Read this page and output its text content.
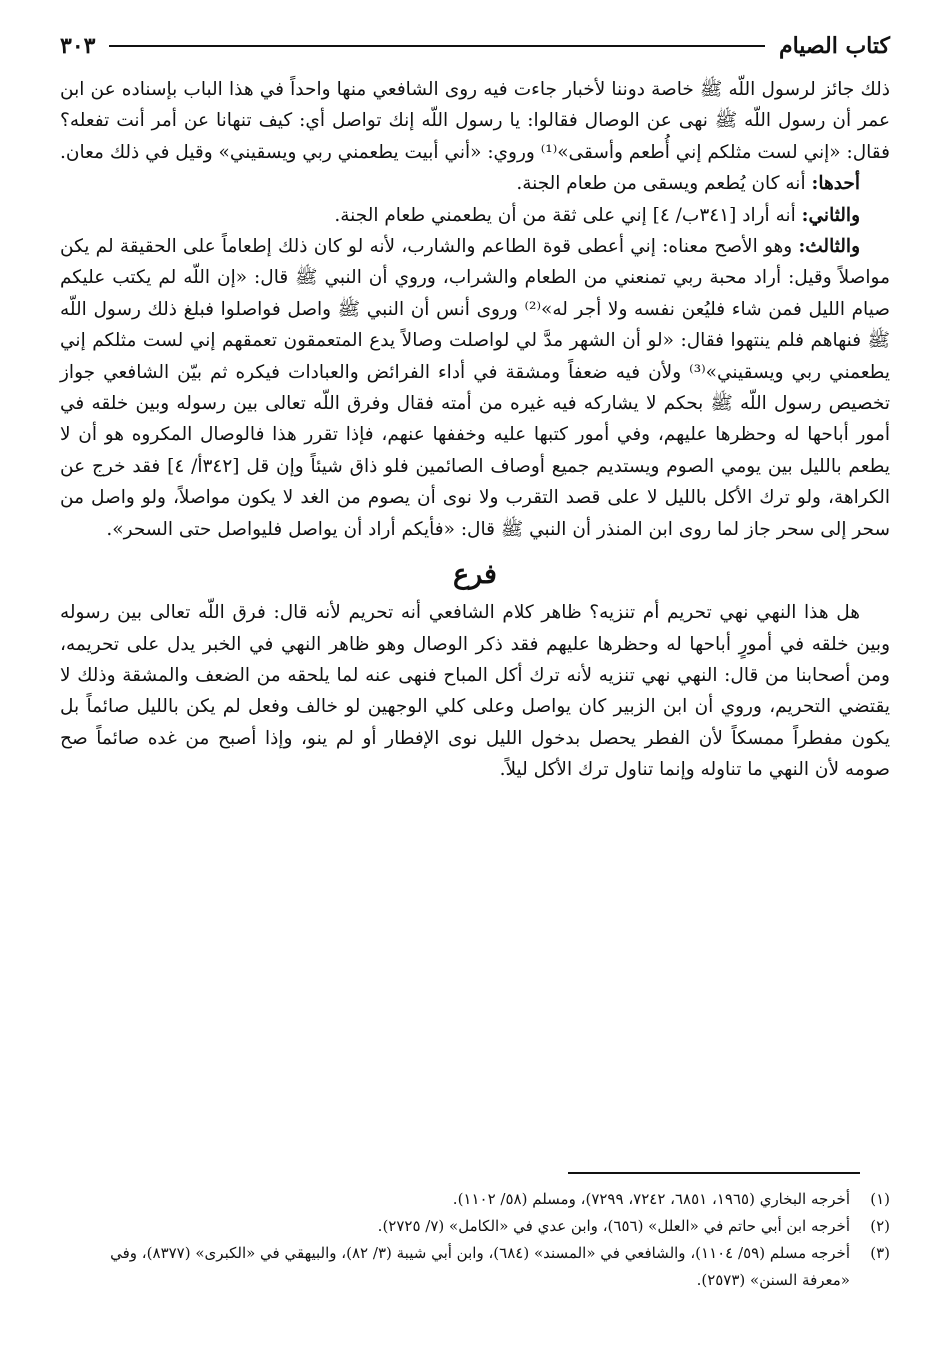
كتاب الصيام
٣٠٣

ذلك جائز لرسول اللّه ﷺ خاصة دوننا لأخبار جاءت فيه روى الشافعي منها واحداً في هذا الباب بإسناده عن ابن عمر أن رسول اللّه ﷺ نهى عن الوصال فقالوا: يا رسول اللّه إنك تواصل أي: كيف تنهانا عن أمر أنت تفعله؟ فقال: «إني لست مثلكم إني أُطعم وأسقى»⁽¹⁾ وروي: «أني أبيت يطعمني ربي ويسقيني» وقيل في ذلك معان.

أحدها: أنه كان يُطعم ويسقى من طعام الجنة.

والثاني: أنه أراد [٣٤١ب/ ٤] إني على ثقة من أن يطعمني طعام الجنة.

والثالث: وهو الأصح معناه: إني أعطى قوة الطاعم والشارب، لأنه لو كان ذلك إطعاماً على الحقيقة لم يكن مواصلاً وقيل: أراد محبة ربي تمنعني من الطعام والشراب، وروي أن النبي ﷺ قال: «إن اللّه لم يكتب عليكم صيام الليل فمن شاء فليُعن نفسه ولا أجر له»⁽²⁾ وروى أنس أن النبي ﷺ واصل فواصلوا فبلغ ذلك رسول اللّه ﷺ فنهاهم فلم ينتهوا فقال: «لو أن الشهر مدَّ لي لواصلت وصالاً يدع المتعمقون تعمقهم إني لست مثلكم إني يطعمني ربي ويسقيني»⁽³⁾ ولأن فيه ضعفاً ومشقة في أداء الفرائض والعبادات فيكره ثم بيّن الشافعي جواز تخصيص رسول اللّه ﷺ بحكم لا يشاركه فيه غيره من أمته فقال وفرق اللّه تعالى بين رسوله وبين خلقه في أمور أباحها له وحظرها عليهم، وفي أمور كتبها عليه وخففها عنهم، فإذا تقرر هذا فالوصال المكروه هو أن لا يطعم بالليل بين يومي الصوم ويستديم جميع أوصاف الصائمين فلو ذاق شيئاً وإن قل [٣٤٢أ/ ٤] فقد خرج عن الكراهة، ولو ترك الأكل بالليل لا على قصد التقرب ولا نوى أن يصوم من الغد لا يكون مواصلاً، ولو واصل من سحر إلى سحر جاز لما روى ابن المنذر أن النبي ﷺ قال: «فأيكم أراد أن يواصل فليواصل حتى السحر».

فرع

هل هذا النهي نهي تحريم أم تنزيه؟ ظاهر كلام الشافعي أنه تحريم لأنه قال: فرق اللّه تعالى بين رسوله وبين خلقه في أمورٍ أباحها له وحظرها عليهم فقد ذكر الوصال وهو ظاهر النهي في الخبر يدل على تحريمه، ومن أصحابنا من قال: النهي نهي تنزيه لأنه ترك أكل المباح فنهى عنه لما يلحقه من الضعف والمشقة وذلك لا يقتضي التحريم، وروي أن ابن الزبير كان يواصل وعلى كلي الوجهين لو خالف وفعل لم يكن بالليل صائماً بل يكون مفطراً ممسكاً لأن الفطر يحصل بدخول الليل نوى الإفطار أو لم ينو، وإذا أصبح من غده صائماً صح صومه لأن النهي ما تناوله وإنما تناول ترك الأكل ليلاً.

(١)
أخرجه البخاري (١٩٦٥، ٦٨٥١، ٧٢٤٢، ٧٢٩٩)، ومسلم (٥٨/ ١١٠٢).
(٢)
أخرجه ابن أبي حاتم في «العلل» (٦٥٦)، وابن عدي في «الكامل» (٧/ ٢٧٢٥).
(٣)
أخرجه مسلم (٥٩/ ١١٠٤)، والشافعي في «المسند» (٦٨٤)، وابن أبي شيبة (٣/ ٨٢)، والبيهقي في «الكبرى» (٨٣٧٧)، وفي «معرفة السنن» (٢٥٧٣).
